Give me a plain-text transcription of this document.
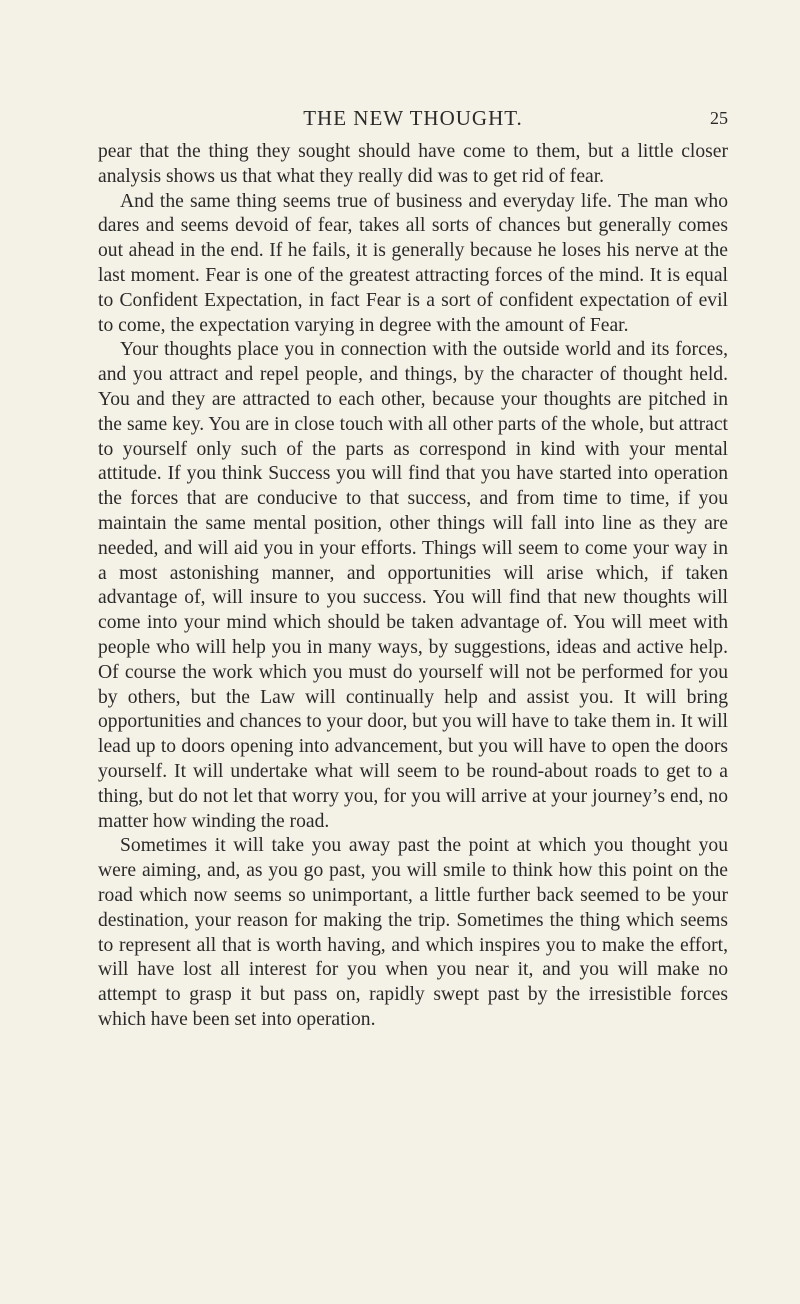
THE NEW THOUGHT.	25

pear that the thing they sought should have come to them, but a little closer analysis shows us that what they really did was to get rid of fear.

And the same thing seems true of business and everyday life. The man who dares and seems devoid of fear, takes all sorts of chances but generally comes out ahead in the end. If he fails, it is generally because he loses his nerve at the last moment. Fear is one of the greatest attracting forces of the mind. It is equal to Confident Expectation, in fact Fear is a sort of confident expectation of evil to come, the expectation varying in degree with the amount of Fear.

Your thoughts place you in connection with the outside world and its forces, and you attract and repel people, and things, by the character of thought held. You and they are attracted to each other, because your thoughts are pitched in the same key. You are in close touch with all other parts of the whole, but attract to yourself only such of the parts as correspond in kind with your mental attitude. If you think Success you will find that you have started into operation the forces that are conducive to that success, and from time to time, if you maintain the same mental position, other things will fall into line as they are needed, and will aid you in your efforts. Things will seem to come your way in a most astonishing manner, and opportunities will arise which, if taken advantage of, will insure to you success. You will find that new thoughts will come into your mind which should be taken advantage of. You will meet with people who will help you in many ways, by suggestions, ideas and active help. Of course the work which you must do yourself will not be performed for you by others, but the Law will continually help and assist you. It will bring opportunities and chances to your door, but you will have to take them in. It will lead up to doors opening into advancement, but you will have to open the doors yourself. It will undertake what will seem to be round-about roads to get to a thing, but do not let that worry you, for you will arrive at your journey’s end, no matter how winding the road.

Sometimes it will take you away past the point at which you thought you were aiming, and, as you go past, you will smile to think how this point on the road which now seems so unimportant, a little further back seemed to be your destination, your reason for making the trip. Sometimes the thing which seems to represent all that is worth having, and which inspires you to make the effort, will have lost all interest for you when you near it, and you will make no attempt to grasp it but pass on, rapidly swept past by the irresistible forces which have been set into operation.
